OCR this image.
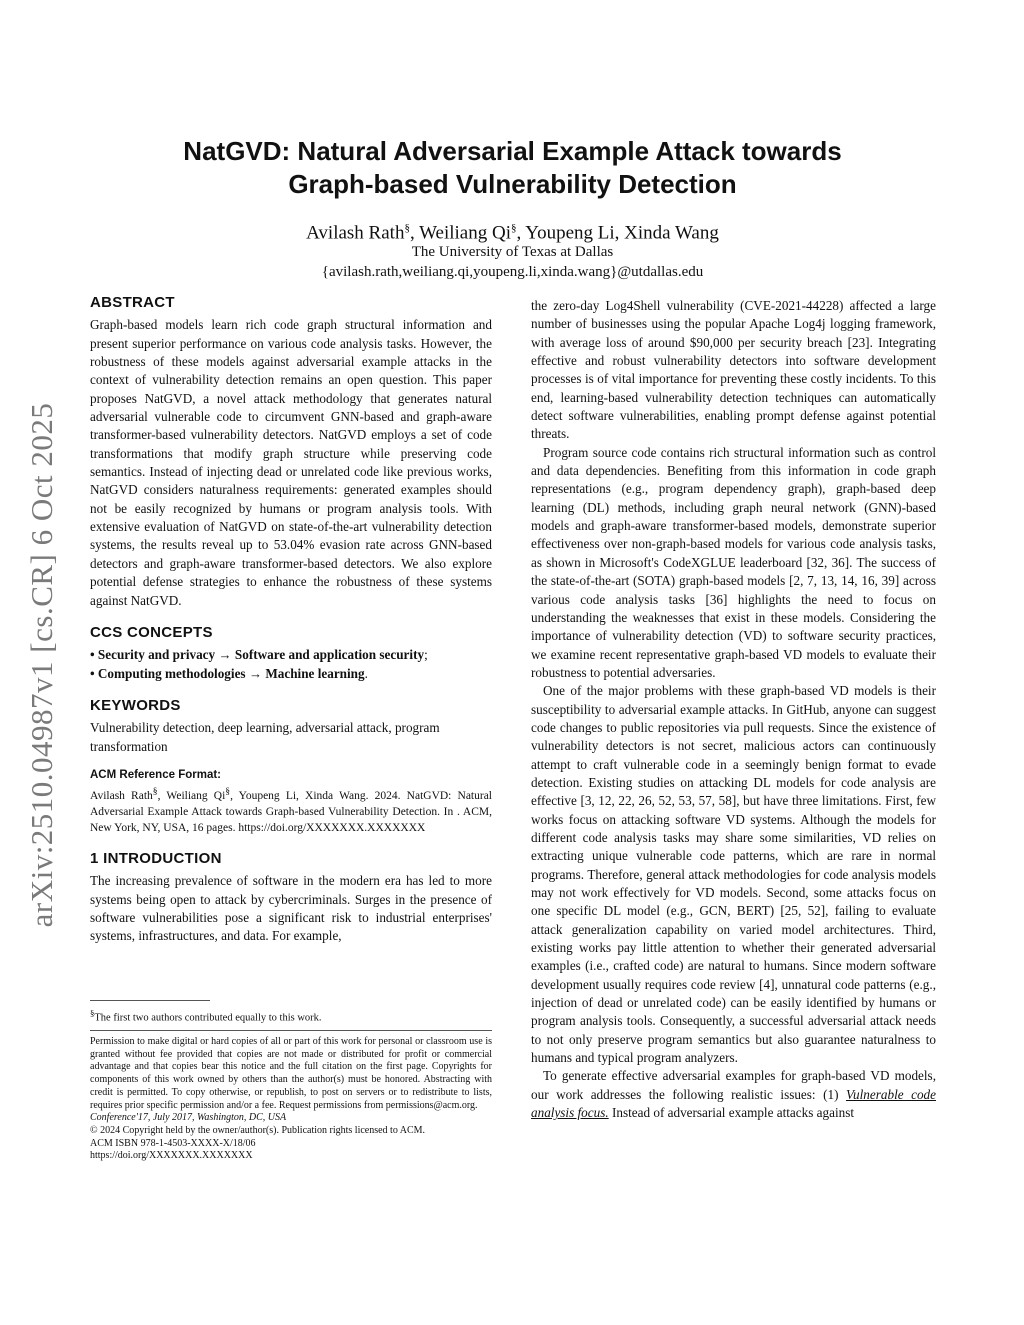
arXiv:2510.04987v1 [cs.CR] 6 Oct 2025
NatGVD: Natural Adversarial Example Attack towards
Graph-based Vulnerability Detection
Avilash Rath§, Weiliang Qi§, Youpeng Li, Xinda Wang
The University of Texas at Dallas
{avilash.rath,weiliang.qi,youpeng.li,xinda.wang}@utdallas.edu
ABSTRACT

Graph-based models learn rich code graph structural information and present superior performance on various code analysis tasks. However, the robustness of these models against adversarial example attacks in the context of vulnerability detection remains an open question. This paper proposes NatGVD, a novel attack methodology that generates natural adversarial vulnerable code to circumvent GNN-based and graph-aware transformer-based vulnerability detectors. NatGVD employs a set of code transformations that modify graph structure while preserving code semantics. Instead of injecting dead or unrelated code like previous works, NatGVD considers naturalness requirements: generated examples should not be easily recognized by humans or program analysis tools. With extensive evaluation of NatGVD on state-of-the-art vulnerability detection systems, the results reveal up to 53.04% evasion rate across GNN-based detectors and graph-aware transformer-based detectors. We also explore potential defense strategies to enhance the robustness of these systems against NatGVD.

CCS CONCEPTS

• Security and privacy → Software and application security;

• Computing methodologies → Machine learning.

KEYWORDS

Vulnerability detection, deep learning, adversarial attack, program transformation

ACM Reference Format:
Avilash Rath§, Weiliang Qi§, Youpeng Li, Xinda Wang. 2024. NatGVD: Natural Adversarial Example Attack towards Graph-based Vulnerability Detection. In . ACM, New York, NY, USA, 16 pages. https://doi.org/XXXXXXX.XXXXXXX
1 INTRODUCTION

The increasing prevalence of software in the modern era has led to more systems being open to attack by cybercriminals. Surges in the presence of software vulnerabilities pose a significant risk to industrial enterprises' systems, infrastructures, and data. For example,

§The first two authors contributed equally to this work.

Permission to make digital or hard copies of all or part of this work for personal or classroom use is granted without fee provided that copies are not made or distributed for profit or commercial advantage and that copies bear this notice and the full citation on the first page. Copyrights for components of this work owned by others than the author(s) must be honored. Abstracting with credit is permitted. To copy otherwise, or republish, to post on servers or to redistribute to lists, requires prior specific permission and/or a fee. Request permissions from permissions@acm.org.

Conference'17, July 2017, Washington, DC, USA

© 2024 Copyright held by the owner/author(s). Publication rights licensed to ACM.

ACM ISBN 978-1-4503-XXXX-X/18/06

https://doi.org/XXXXXXX.XXXXXXX

the zero-day Log4Shell vulnerability (CVE-2021-44228) affected a large number of businesses using the popular Apache Log4j logging framework, with average loss of around $90,000 per security breach [23]. Integrating effective and robust vulnerability detectors into software development processes is of vital importance for preventing these costly incidents. To this end, learning-based vulnerability detection techniques can automatically detect software vulnerabilities, enabling prompt defense against potential threats.

Program source code contains rich structural information such as control and data dependencies. Benefiting from this information in code graph representations (e.g., program dependency graph), graph-based deep learning (DL) methods, including graph neural network (GNN)-based models and graph-aware transformer-based models, demonstrate superior effectiveness over non-graph-based models for various code analysis tasks, as shown in Microsoft's CodeXGLUE leaderboard [32, 36]. The success of the state-of-the-art (SOTA) graph-based models [2, 7, 13, 14, 16, 39] across various code analysis tasks [36] highlights the need to focus on understanding the weaknesses that exist in these models. Considering the importance of vulnerability detection (VD) to software security practices, we examine recent representative graph-based VD models to evaluate their robustness to potential adversaries.

One of the major problems with these graph-based VD models is their susceptibility to adversarial example attacks. In GitHub, anyone can suggest code changes to public repositories via pull requests. Since the existence of vulnerability detectors is not secret, malicious actors can continuously attempt to craft vulnerable code in a seemingly benign format to evade detection. Existing studies on attacking DL models for code analysis are effective [3, 12, 22, 26, 52, 53, 57, 58], but have three limitations. First, few works focus on attacking software VD systems. Although the models for different code analysis tasks may share some similarities, VD relies on extracting unique vulnerable code patterns, which are rare in normal programs. Therefore, general attack methodologies for code analysis models may not work effectively for VD models. Second, some attacks focus on one specific DL model (e.g., GCN, BERT) [25, 52], failing to evaluate attack generalization capability on varied model architectures. Third, existing works pay little attention to whether their generated adversarial examples (i.e., crafted code) are natural to humans. Since modern software development usually requires code review [4], unnatural code patterns (e.g., injection of dead or unrelated code) can be easily identified by humans or program analysis tools. Consequently, a successful adversarial attack needs to not only preserve program semantics but also guarantee naturalness to humans and typical program analyzers.

To generate effective adversarial examples for graph-based VD models, our work addresses the following realistic issues: (1) Vulnerable code analysis focus. Instead of adversarial example attacks against
